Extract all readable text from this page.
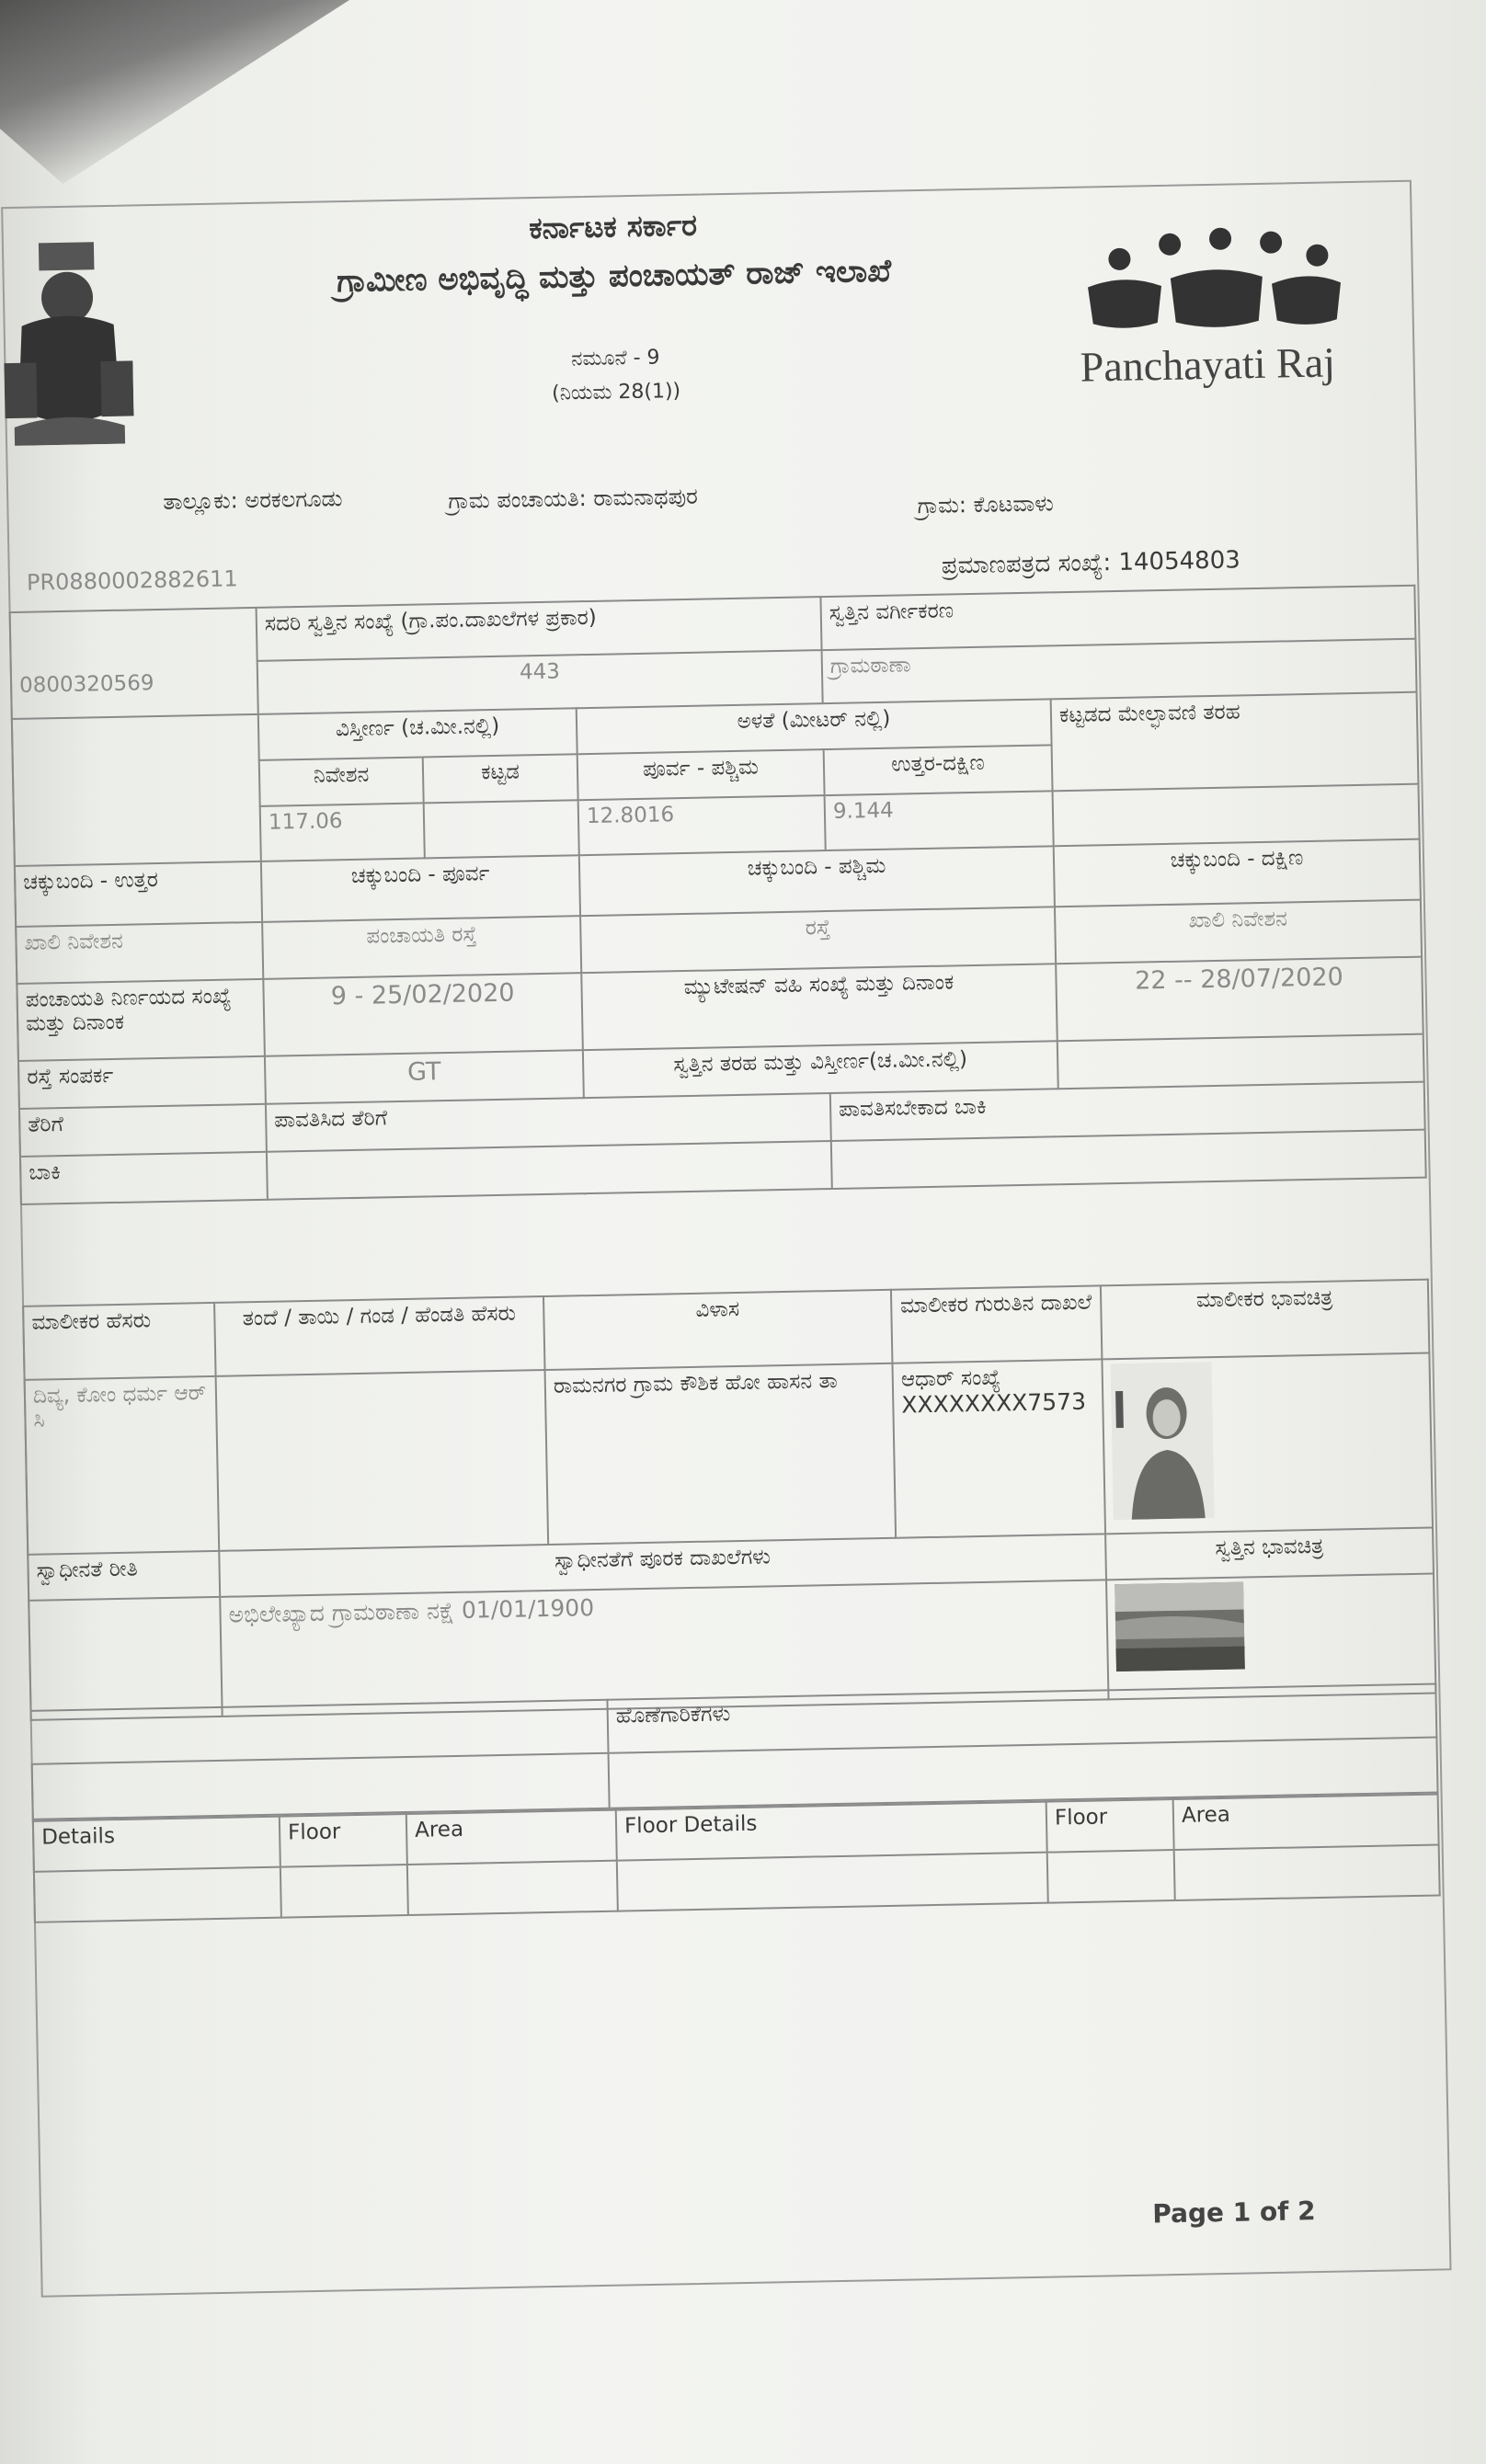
ಕರ್ನಾಟಕ ಸರ್ಕಾರ
ಗ್ರಾಮೀಣ ಅಭಿವೃದ್ಧಿ ಮತ್ತು ಪಂಚಾಯತ್ ರಾಜ್ ಇಲಾಖೆ
ನಮೂನೆ - 9
(ನಿಯಮ 28(1))
Panchayati Raj
ತಾಲ್ಲೂಕು: ಅರಕಲಗೂಡು	ಗ್ರಾಮ ಪಂಚಾಯತಿ: ರಾಮನಾಥಪುರ	ಗ್ರಾಮ: ಕೊಟವಾಳು
PR0880002882611
ಪ್ರಮಾಣಪತ್ರದ ಸಂಖ್ಯೆ: 14054803
0800320569	ಸದರಿ ಸ್ವತ್ತಿನ ಸಂಖ್ಯೆ (ಗ್ರಾ.ಪಂ.ದಾಖಲೆಗಳ ಪ್ರಕಾರ)			ಸ್ವತ್ತಿನ ವರ್ಗೀಕರಣ	
	443			ಗ್ರಾಮಠಾಣಾ	
	ವಿಸ್ತೀರ್ಣ (ಚ.ಮೀ.ನಲ್ಲಿ)		ಅಳತೆ (ಮೀಟರ್ ನಲ್ಲಿ)		ಕಟ್ಟಡದ ಮೇಲ್ಛಾವಣಿ ತರಹ
	ನಿವೇಶನ	ಕಟ್ಟಡ	ಪೂರ್ವ - ಪಶ್ಚಿಮ	ಉತ್ತರ-ದಕ್ಷಿಣ	
	117.06		12.8016	9.144	
ಚಕ್ಕುಬಂದಿ - ಉತ್ತರ	ಚಕ್ಕುಬಂದಿ - ಪೂರ್ವ		ಚಕ್ಕುಬಂದಿ - ಪಶ್ಚಿಮ		ಚಕ್ಕುಬಂದಿ - ದಕ್ಷಿಣ
ಖಾಲಿ ನಿವೇಶನ	ಪಂಚಾಯತಿ ರಸ್ತೆ		ರಸ್ತೆ		ಖಾಲಿ ನಿವೇಶನ
ಪಂಚಾಯತಿ ನಿರ್ಣಯದ ಸಂಖ್ಯೆ ಮತ್ತು ದಿನಾಂಕ	9 - 25/02/2020		ಮ್ಯುಟೇಷನ್ ವಹಿ ಸಂಖ್ಯೆ ಮತ್ತು ದಿನಾಂಕ		22 -- 28/07/2020
ರಸ್ತೆ ಸಂಪರ್ಕ	GT		ಸ್ವತ್ತಿನ ತರಹ ಮತ್ತು ವಿಸ್ತೀರ್ಣ(ಚ.ಮೀ.ನಲ್ಲಿ)		
ತೆರಿಗೆ	ಪಾವತಿಸಿದ ತೆರಿಗೆ			ಪಾವತಿಸಬೇಕಾದ ಬಾಕಿ	
ಬಾಕಿ					
ಮಾಲೀಕರ ಹೆಸರು	ತಂದೆ / ತಾಯಿ / ಗಂಡ / ಹೆಂಡತಿ ಹೆಸರು	ವಿಳಾಸ	ಮಾಲೀಕರ ಗುರುತಿನ ದಾಖಲೆ	ಮಾಲೀಕರ ಭಾವಚಿತ್ರ
ದಿವ್ಯ, ಕೋಂ ಧರ್ಮ ಆರ್ ಸಿ		ರಾಮನಗರ ಗ್ರಾಮ ಕೌಶಿಕ ಹೋ ಹಾಸನ ತಾ	ಆಧಾರ್ ಸಂಖ್ಯೆ
XXXXXXXX7573

ಸ್ವಾಧೀನತೆ ರೀತಿ	ಸ್ವಾಧೀನತೆಗೆ ಪೂರಕ ದಾಖಲೆಗಳು			ಸ್ವತ್ತಿನ ಭಾವಚಿತ್ರ
	ಅಭಿಲೇಖ್ಯಾದ ಗ್ರಾಮಠಾಣಾ ನಕ್ಷೆ 01/01/1900	
	ಹೊಣೆಗಾರಿಕೆಗಳು

Details	Floor	Area	Floor Details	Floor	Area

Page 1 of 2
